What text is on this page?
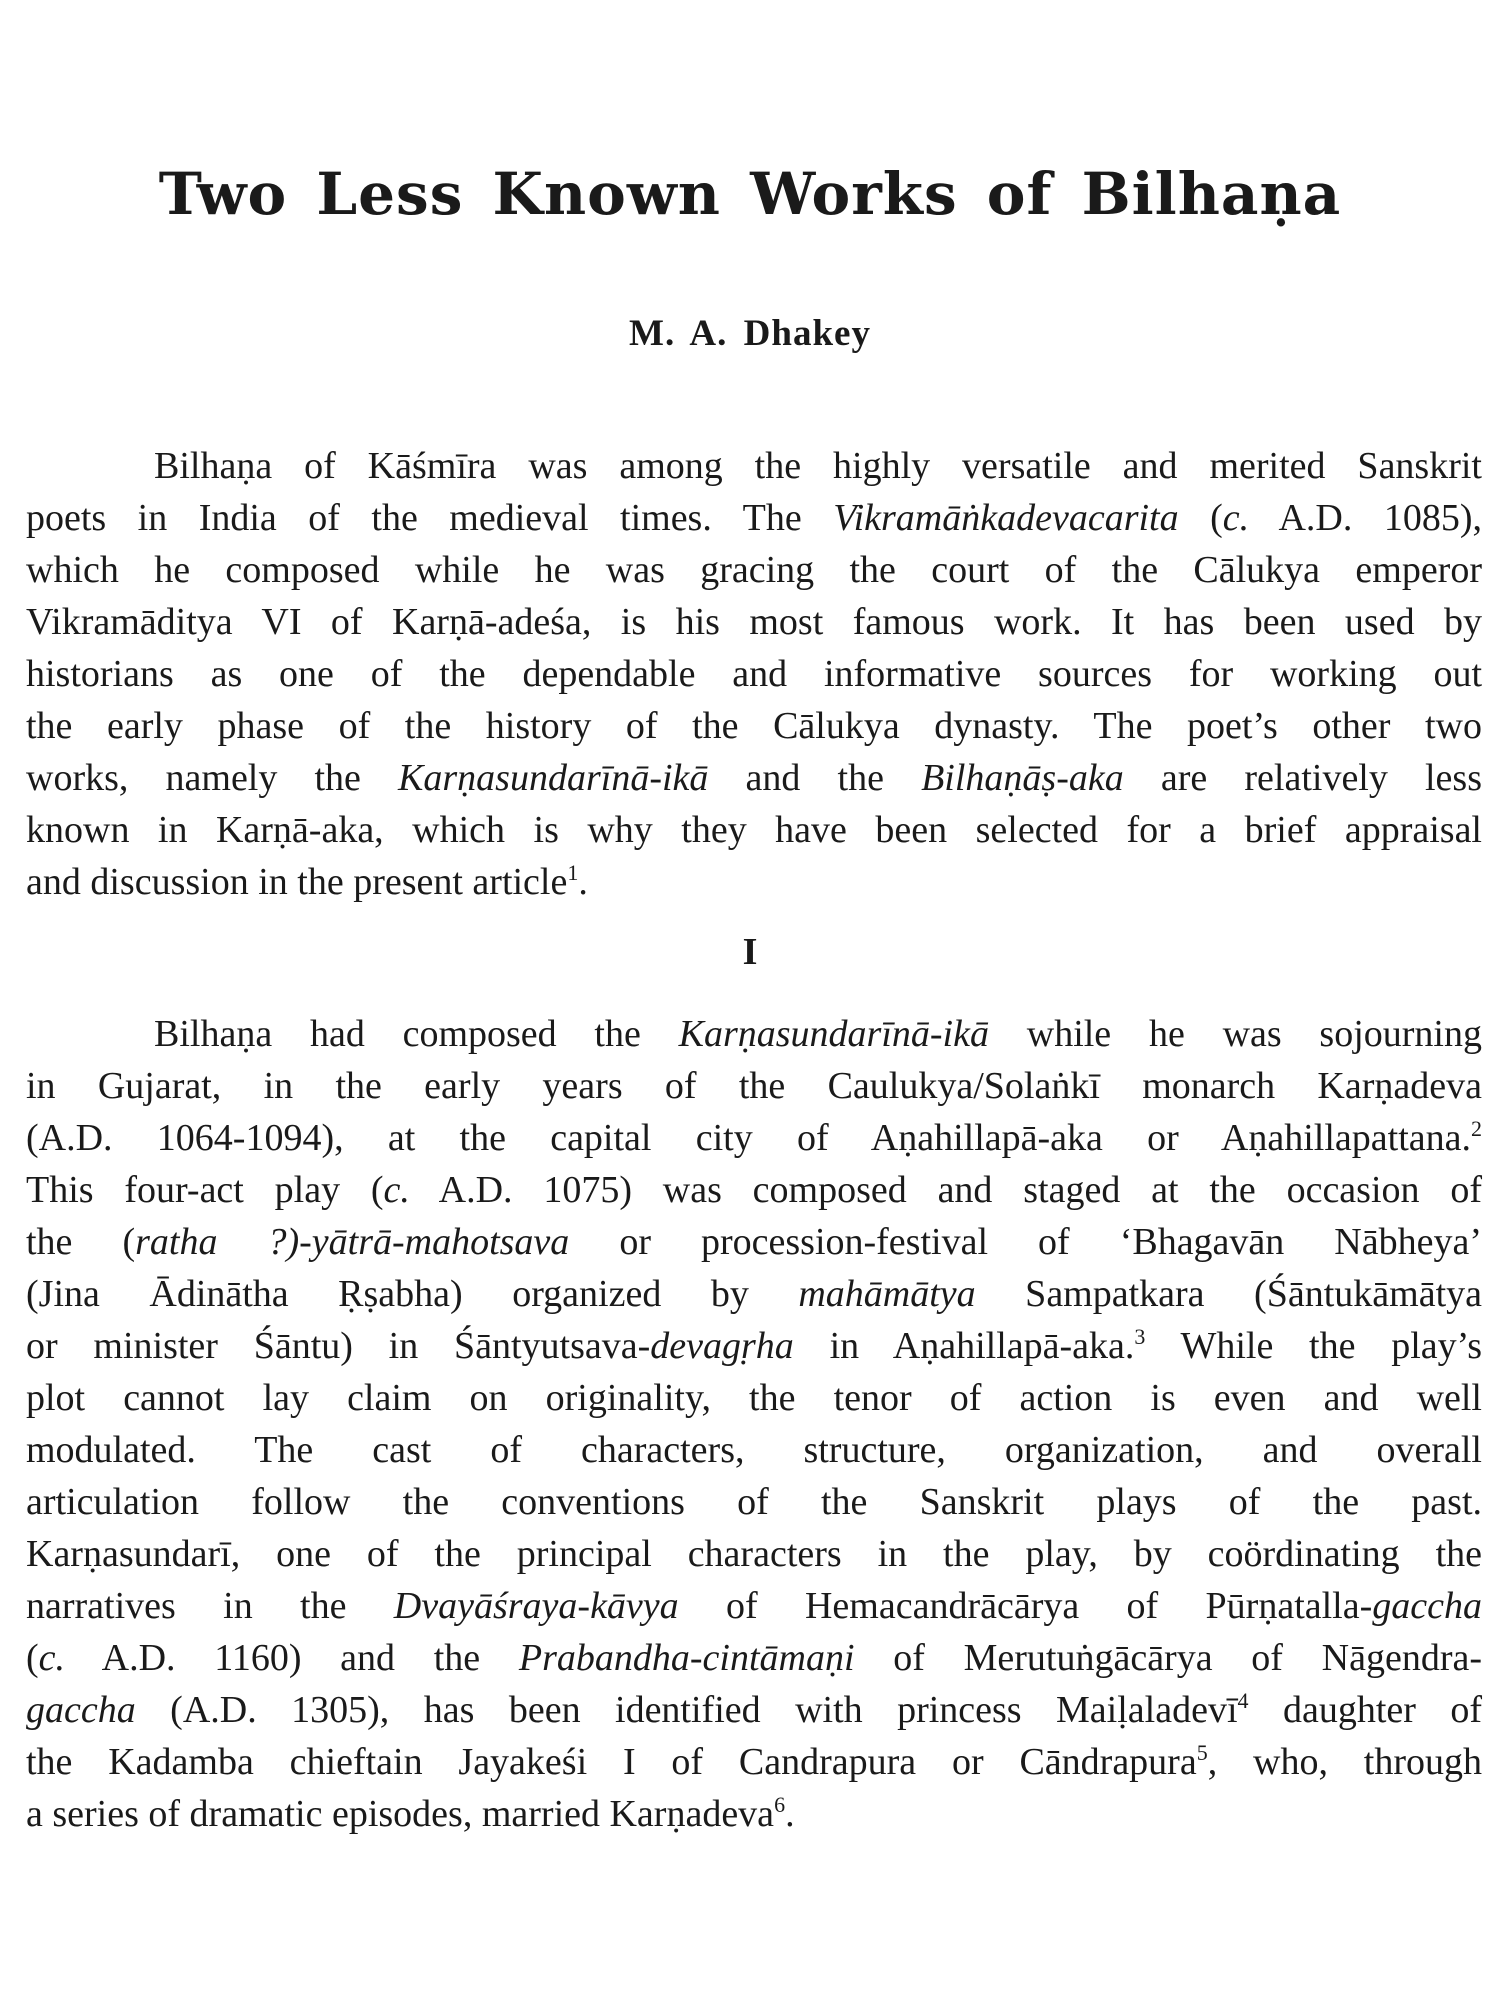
Two Less Known Works of Bilhaṇa
M. A. Dhakey
Bilhaṇa of Kāśmīra was among the highly versatile and merited Sanskrit
poets in India of the medieval times. The Vikramāṅkadevacarita (c. A.D. 1085),
which he composed while he was gracing the court of the Cālukya emperor
Vikramāditya VI of Karṇā-adeśa, is his most famous work. It has been used by
historians as one of the dependable and informative sources for working out
the early phase of the history of the Cālukya dynasty. The poet’s other two
works, namely the Karṇasundarīnā-ikā and the Bilhaṇāṣ-aka are relatively less
known in Karṇā-aka, which is why they have been selected for a brief appraisal
and discussion in the present article$^1$.
I
Bilhaṇa had composed the Karṇasundarīnā-ikā while he was sojourning
in Gujarat, in the early years of the Caulukya/Solaṅkī monarch Karṇadeva
(A.D. 1064-1094), at the capital city of Aṇahillapā-aka or Aṇahillapattana.$^2$
This four-act play (c. A.D. 1075) was composed and staged at the occasion of
the (ratha ?)-yātrā-mahotsava or procession-festival of ‘Bhagavān Nābheya’
(Jina Ādinātha Ṛṣabha) organized by mahāmātya Sampatkara (Śāntukāmātya
or minister Śāntu) in Śāntyutsava-devagṛha in Aṇahillapā-aka.$^3$ While the play’s
plot cannot lay claim on originality, the tenor of action is even and well
modulated. The cast of characters, structure, organization, and overall
articulation follow the conventions of the Sanskrit plays of the past.
Karṇasundarī, one of the principal characters in the play, by coördinating the
narratives in the Dvayāśraya-kāvya of Hemacandrācārya of Pūrṇatalla-gaccha
(c. A.D. 1160) and the Prabandha-cintāmaṇi of Merutuṅgācārya of Nāgendra-
gaccha (A.D. 1305), has been identified with princess Maiḷaladevī$^4$ daughter of
the Kadamba chieftain Jayakeśi I of Candrapura or Cāndrapura$^5$, who, through
a series of dramatic episodes, married Karṇadeva$^6$.
